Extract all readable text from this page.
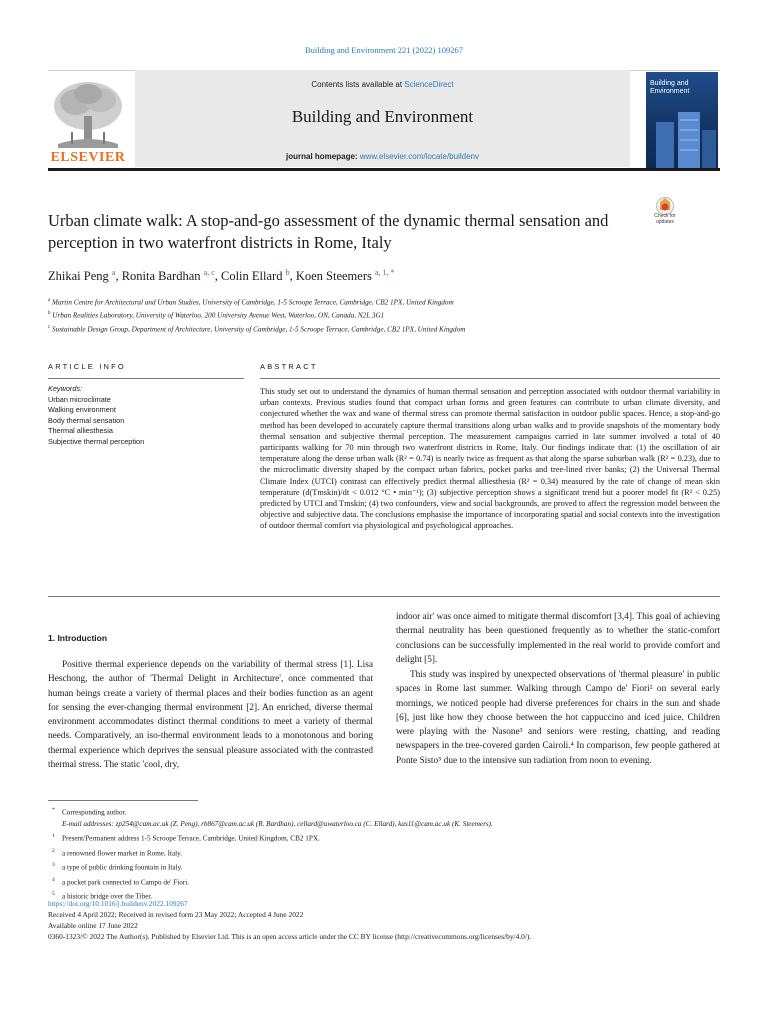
Building and Environment 221 (2022) 109267
Contents lists available at ScienceDirect
Building and Environment
journal homepage: www.elsevier.com/locate/buildenv
ELSEVIER
Building and Environment
Urban climate walk: A stop-and-go assessment of the dynamic thermal sensation and perception in two waterfront districts in Rome, Italy
Check for updates
Zhikai Peng $^a$, Ronita Bardhan $^{a, c}$, Colin Ellard $^b$, Koen Steemers $^{a, 1, *}$
$^a$ Martin Centre for Architectural and Urban Studies, University of Cambridge, 1-5 Scroope Terrace, Cambridge, CB2 1PX, United Kingdom
$^b$ Urban Realities Laboratory, University of Waterloo, 200 University Avenue West, Waterloo, ON, Canada, N2L 3G1
$^c$ Sustainable Design Group, Department of Architecture, University of Cambridge, 1-5 Scroope Terrace, Cambridge, CB2 1PX, United Kingdom
ARTICLE INFO	ABSTRACT
Keywords:
Urban microclimate
Walking environment
Body thermal sensation
Thermal alliesthesia
Subjective thermal perception
This study set out to understand the dynamics of human thermal sensation and perception associated with outdoor thermal variability in urban contexts. Previous studies found that compact urban forms and green features can contribute to urban climate diversity, and conjectured whether the wax and wane of thermal stress can promote thermal satisfaction in outdoor public spaces. Hence, a stop-and-go method has been developed to accurately capture thermal transitions along urban walks and to provide snapshots of the momentary body thermal sensation and subjective thermal perception. The measurement campaigns carried in late summer involved a total of 40 participants walking for 70 min through two waterfront districts in Rome, Italy. Our findings indicate that: (1) the oscillation of air temperature along the dense urban walk (R² = 0.74) is nearly twice as frequent as that along the sparse suburban walk (R² = 0.23), due to the microclimatic diversity shaped by the compact urban fabrics, pocket parks and tree-lined river banks; (2) the Universal Thermal Climate Index (UTCI) contrast can effectively predict thermal alliesthesia (R² = 0.34) measured by the rate of change of mean skin temperature (d(Tmskin)/dt < 0.012 °C • min⁻¹); (3) subjective perception shows a significant trend but a poorer model fit (R² < 0.25) predicted by UTCI and Tmskin; (4) two confounders, view and social backgrounds, are proved to affect the regression model between the objective and subjective data. The conclusions emphasise the importance of incorporating spatial and social contexts into the investigation of outdoor thermal comfort via physiological and psychological approaches.
1. Introduction
Positive thermal experience depends on the variability of thermal stress [1]. Lisa Heschong, the author of 'Thermal Delight in Architecture', once commented that human beings create a variety of thermal places and their bodies function as an agent for sensing the ever-changing thermal environment [2]. An enriched, diverse thermal environment accommodates distinct thermal conditions to meet a variety of thermal needs. Comparatively, an iso-thermal environment leads to a monotonous and boring thermal experience which deprives the sensual pleasure associated with the contrasted thermal stress. The static 'cool, dry,
indoor air' was once aimed to mitigate thermal discomfort [3,4]. This goal of achieving thermal neutrality has been questioned frequently as to whether the static-comfort conclusions can be successfully implemented in the real world to provide comfort and delight [5].
This study was inspired by unexpected observations of 'thermal pleasure' in public spaces in Rome last summer. Walking through Campo de' Fiori² on several early mornings, we noticed people had diverse preferences for chairs in the sun and shade [6], just like how they choose between the hot cappuccino and iced juice. Children were playing with the Nasone³ and seniors were resting, chatting, and reading newspapers in the tree-covered garden Cairoli.⁴ In comparison, few people gathered at Ponte Sisto⁵ due to the intensive sun radiation from noon to evening.
* Corresponding author.
E-mail addresses: zp254@cam.ac.uk (Z. Peng), rb867@cam.ac.uk (R. Bardhan), cellard@uwaterloo.ca (C. Ellard), kas11@cam.ac.uk (K. Steemers).
1 Present/Permanent address 1-5 Scroope Terrace, Cambridge, United Kingdom, CB2 1PX.
2 a renowned flower market in Rome, Italy.
3 a type of public drinking fountain in Italy.
4 a pocket park connected to Campo de' Fiori.
5 a historic bridge over the Tiber.
https://doi.org/10.1016/j.buildenv.2022.109267
Received 4 April 2022; Received in revised form 23 May 2022; Accepted 4 June 2022
Available online 17 June 2022
0360-1323/© 2022 The Author(s). Published by Elsevier Ltd. This is an open access article under the CC BY license (http://creativecommons.org/licenses/by/4.0/).
